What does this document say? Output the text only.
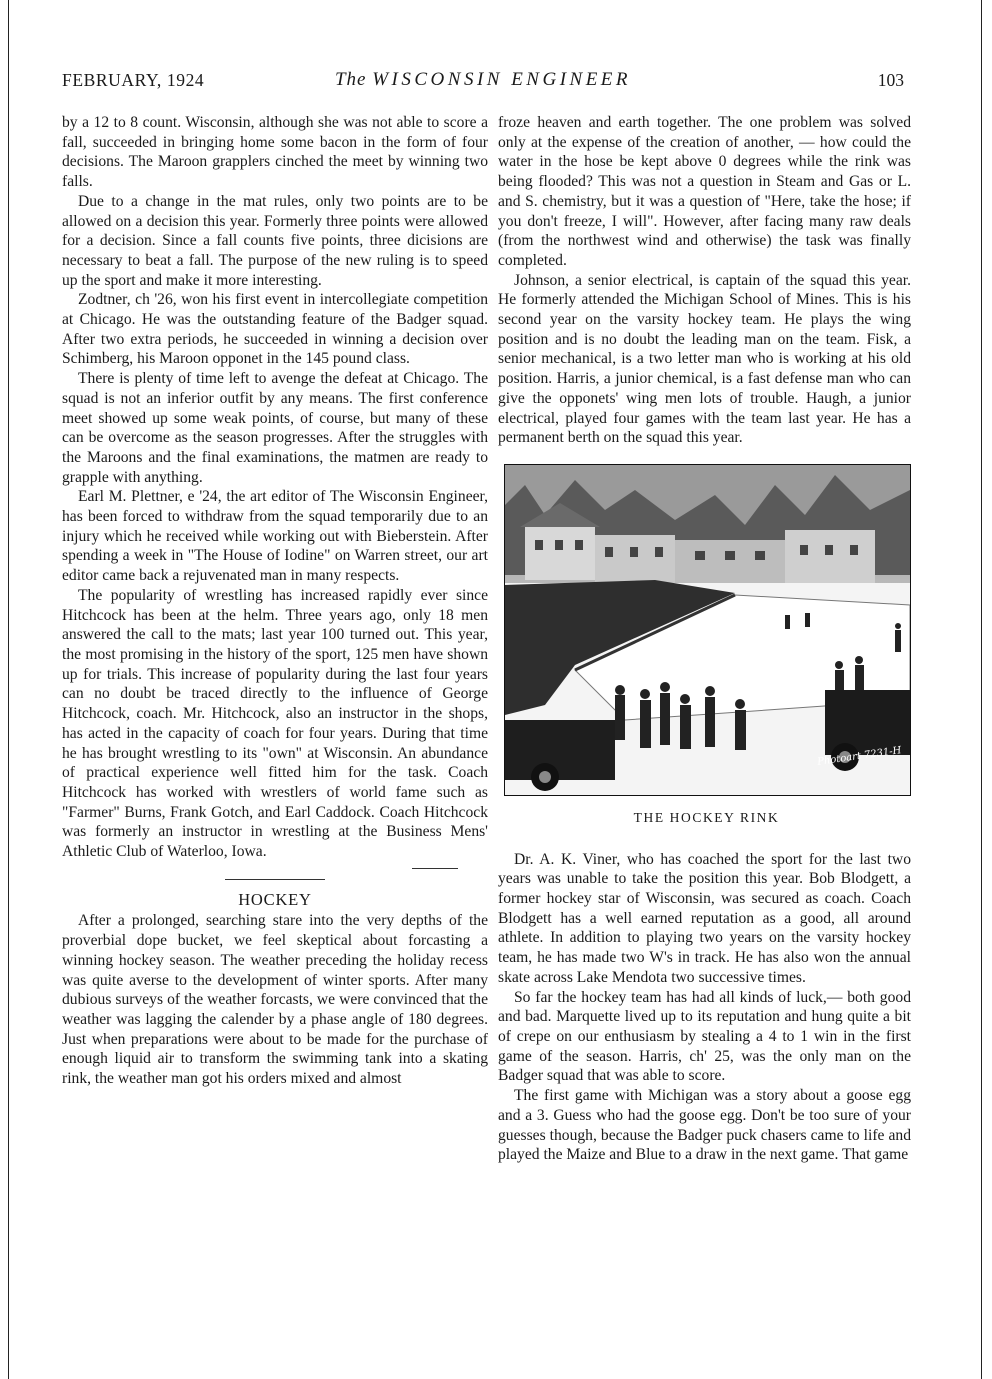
FEBRUARY, 1924	The WISCONSIN ENGINEER	103

by a 12 to 8 count. Wisconsin, although she was not able to score a fall, succeeded in bringing home some bacon in the form of four decisions. The Maroon grapplers cinched the meet by winning two falls.

Due to a change in the mat rules, only two points are to be allowed on a decision this year. Formerly three points were allowed for a decision. Since a fall counts five points, three dicisions are necessary to beat a fall. The purpose of the new ruling is to speed up the sport and make it more interesting.

Zodtner, ch '26, won his first event in intercollegiate competition at Chicago. He was the outstanding feature of the Badger squad. After two extra periods, he succeeded in winning a decision over Schimberg, his Maroon opponet in the 145 pound class.

There is plenty of time left to avenge the defeat at Chicago. The squad is not an inferior outfit by any means. The first conference meet showed up some weak points, of course, but many of these can be overcome as the season progresses. After the struggles with the Maroons and the final examinations, the matmen are ready to grapple with anything.

Earl M. Plettner, e '24, the art editor of The Wisconsin Engineer, has been forced to withdraw from the squad temporarily due to an injury which he received while working out with Bieberstein. After spending a week in "The House of Iodine" on Warren street, our art editor came back a rejuvenated man in many respects.

The popularity of wrestling has increased rapidly ever since Hitchcock has been at the helm. Three years ago, only 18 men answered the call to the mats; last year 100 turned out. This year, the most promising in the history of the sport, 125 men have shown up for trials. This increase of popularity during the last four years can no doubt be traced directly to the influence of George Hitchcock, coach. Mr. Hitchcock, also an instructor in the shops, has acted in the capacity of coach for four years. During that time he has brought wrestling to its "own" at Wisconsin. An abundance of practical experience well fitted him for the task. Coach Hitchcock has worked with wrestlers of world fame such as "Farmer" Burns, Frank Gotch, and Earl Caddock. Coach Hitchcock was formerly an instructor in wrestling at the Business Mens' Athletic Club of Waterloo, Iowa.

HOCKEY

After a prolonged, searching stare into the very depths of the proverbial dope bucket, we feel skeptical about forcasting a winning hockey season. The weather preceding the holiday recess was quite averse to the development of winter sports. After many dubious surveys of the weather forcasts, we were convinced that the weather was lagging the calender by a phase angle of 180 degrees. Just when preparations were about to be made for the purchase of enough liquid air to transform the swimming tank into a skating rink, the weather man got his orders mixed and almost

froze heaven and earth together. The one problem was solved only at the expense of the creation of another, — how could the water in the hose be kept above 0 degrees while the rink was being flooded? This was not a question in Steam and Gas or L. and S. chemistry, but it was a question of "Here, take the hose; if you don't freeze, I will". However, after facing many raw deals (from the northwest wind and otherwise) the task was finally completed.

Johnson, a senior electrical, is captain of the squad this year. He formerly attended the Michigan School of Mines. This is his second year on the varsity hockey team. He plays the wing position and is no doubt the leading man on the team. Fisk, a senior mechanical, is a two letter man who is working at his old position. Harris, a junior chemical, is a fast defense man who can give the opponets' wing men lots of trouble. Haugh, a junior electrical, played four games with the team last year. He has a permanent berth on the squad this year.

Photoart 7231-H
THE HOCKEY RINK

Dr. A. K. Viner, who has coached the sport for the last two years was unable to take the position this year. Bob Blodgett, a former hockey star of Wisconsin, was secured as coach. Coach Blodgett has a well earned reputation as a good, all around athlete. In addition to playing two years on the varsity hockey team, he has made two W's in track. He has also won the annual skate across Lake Mendota two successive times.

So far the hockey team has had all kinds of luck,— both good and bad. Marquette lived up to its reputation and hung quite a bit of crepe on our enthusiasm by stealing a 4 to 1 win in the first game of the season. Harris, ch' 25, was the only man on the Badger squad that was able to score.

The first game with Michigan was a story about a goose egg and a 3. Guess who had the goose egg. Don't be too sure of your guesses though, because the Badger puck chasers came to life and played the Maize and Blue to a draw in the next game. That game
